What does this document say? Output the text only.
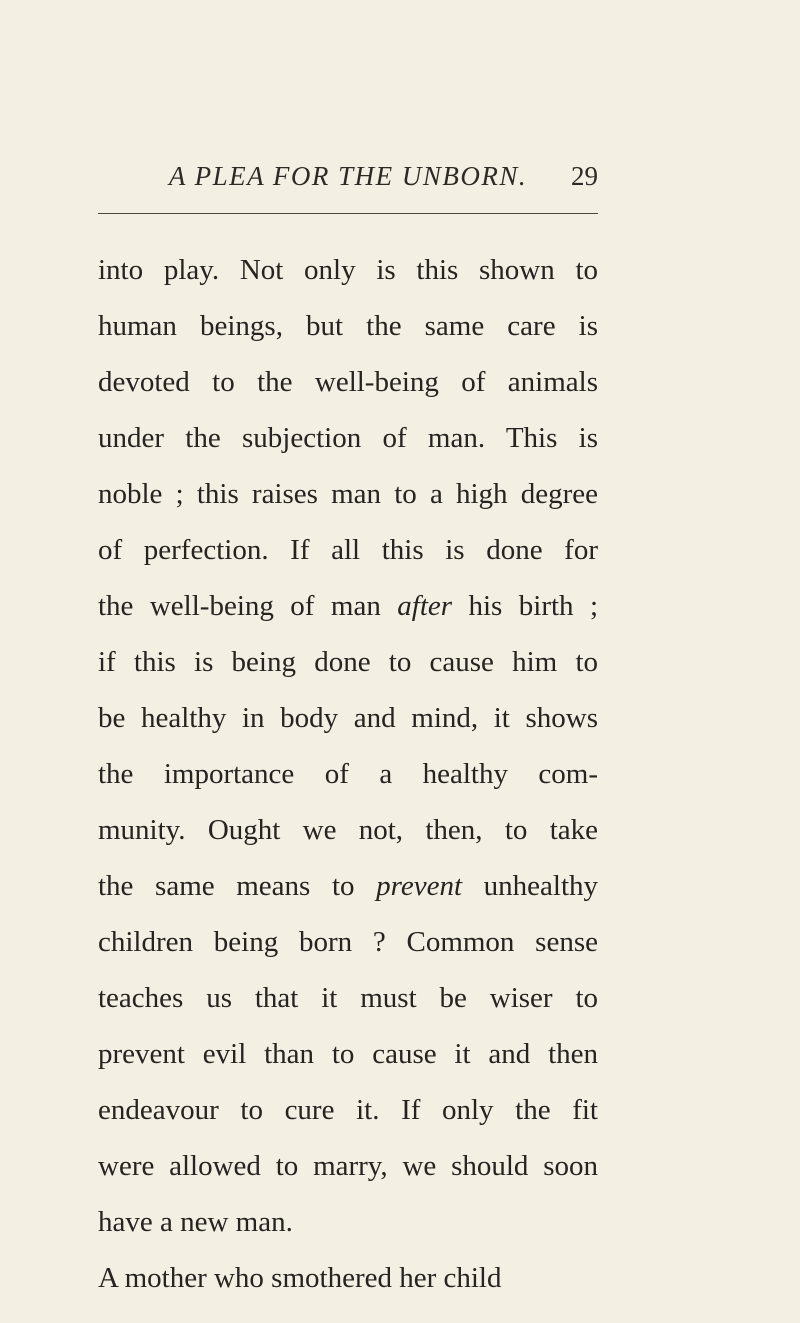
A PLEA FOR THE UNBORN.	29
into play. Not only is this shown to
human beings, but the same care is
devoted to the well-being of animals
under the subjection of man. This is
noble ; this raises man to a high degree
of perfection. If all this is done for
the well-being of man after his birth ;
if this is being done to cause him to
be healthy in body and mind, it shows
the importance of a healthy com-
munity. Ought we not, then, to take
the same means to prevent unhealthy
children being born ? Common sense
teaches us that it must be wiser to
prevent evil than to cause it and then
endeavour to cure it. If only the fit
were allowed to marry, we should soon
have a new man.
A mother who smothered her child
